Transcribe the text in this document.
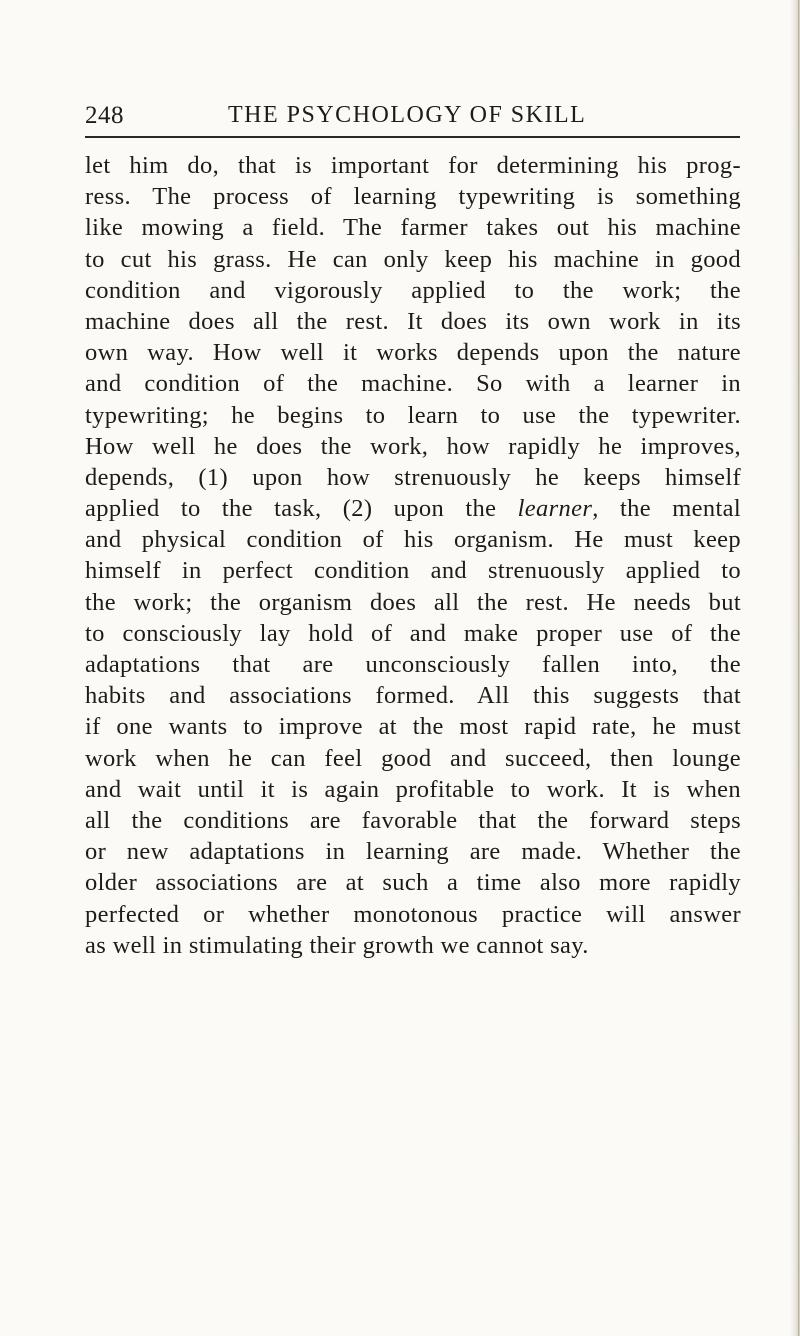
248	THE PSYCHOLOGY OF SKILL
let him do, that is important for determining his prog-
ress. The process of learning typewriting is something
like mowing a field. The farmer takes out his machine
to cut his grass. He can only keep his machine in good
condition and vigorously applied to the work; the
machine does all the rest. It does its own work in its
own way. How well it works depends upon the nature
and condition of the machine. So with a learner in
typewriting; he begins to learn to use the typewriter.
How well he does the work, how rapidly he improves,
depends, (1) upon how strenuously he keeps himself
applied to the task, (2) upon the learner, the mental
and physical condition of his organism. He must keep
himself in perfect condition and strenuously applied to
the work; the organism does all the rest. He needs but
to consciously lay hold of and make proper use of the
adaptations that are unconsciously fallen into, the
habits and associations formed. All this suggests that
if one wants to improve at the most rapid rate, he must
work when he can feel good and succeed, then lounge
and wait until it is again profitable to work. It is when
all the conditions are favorable that the forward steps
or new adaptations in learning are made. Whether the
older associations are at such a time also more rapidly
perfected or whether monotonous practice will answer
as well in stimulating their growth we cannot say.
